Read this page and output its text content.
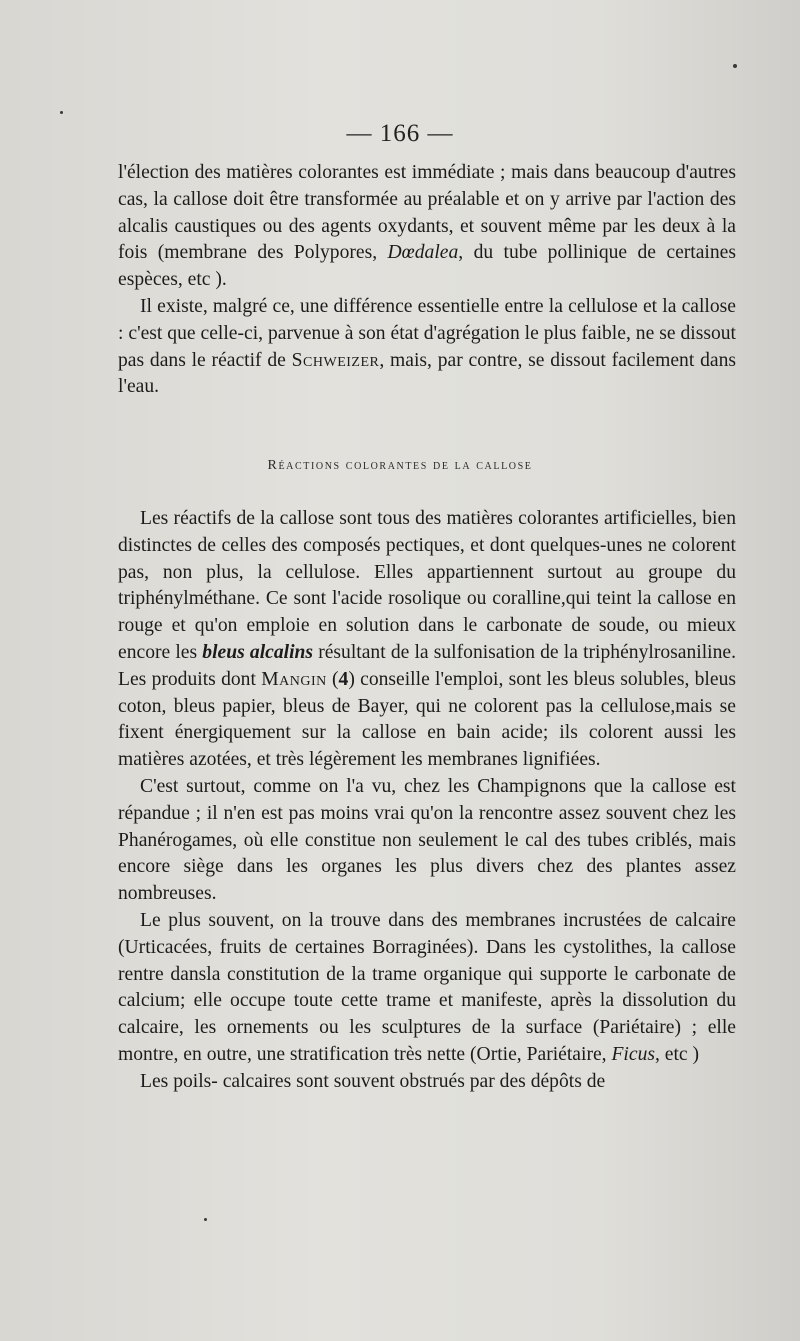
— 166 —

l'élection des matières colorantes est immédiate ; mais dans beaucoup d'autres cas, la callose doit être transformée au préalable et on y arrive par l'action des alcalis caustiques ou des agents oxydants, et souvent même par les deux à la fois (membrane des Polypores, Dœdalea, du tube pollinique de certaines espèces, etc ).

Il existe, malgré ce, une différence essentielle entre la cellulose et la callose : c'est que celle-ci, parvenue à son état d'agrégation le plus faible, ne se dissout pas dans le réactif de Schweizer, mais, par contre, se dissout facilement dans l'eau.

Réactions colorantes de la callose

Les réactifs de la callose sont tous des matières colorantes artificielles, bien distinctes de celles des composés pectiques, et dont quelques-unes ne colorent pas, non plus, la cellulose. Elles appartiennent surtout au groupe du triphénylméthane. Ce sont l'acide rosolique ou coralline,qui teint la callose en rouge et qu'on emploie en solution dans le carbonate de soude, ou mieux encore les bleus alcalins résultant de la sulfonisation de la triphénylrosaniline. Les produits dont Mangin (4) conseille l'emploi, sont les bleus solubles, bleus coton, bleus papier, bleus de Bayer, qui ne colorent pas la cellulose,mais se fixent énergiquement sur la callose en bain acide; ils colorent aussi les matières azotées, et très légèrement les membranes lignifiées.

C'est surtout, comme on l'a vu, chez les Champignons que la callose est répandue ; il n'en est pas moins vrai qu'on la rencontre assez souvent chez les Phanérogames, où elle constitue non seulement le cal des tubes criblés, mais encore siège dans les organes les plus divers chez des plantes assez nombreuses.

Le plus souvent, on la trouve dans des membranes incrustées de calcaire (Urticacées, fruits de certaines Borraginées). Dans les cystolithes, la callose rentre dansla constitution de la trame organique qui supporte le carbonate de calcium; elle occupe toute cette trame et manifeste, après la dissolution du calcaire, les ornements ou les sculptures de la surface (Pariétaire) ; elle montre, en outre, une stratification très nette (Ortie, Pariétaire, Ficus, etc )

Les poils- calcaires sont souvent obstrués par des dépôts de
